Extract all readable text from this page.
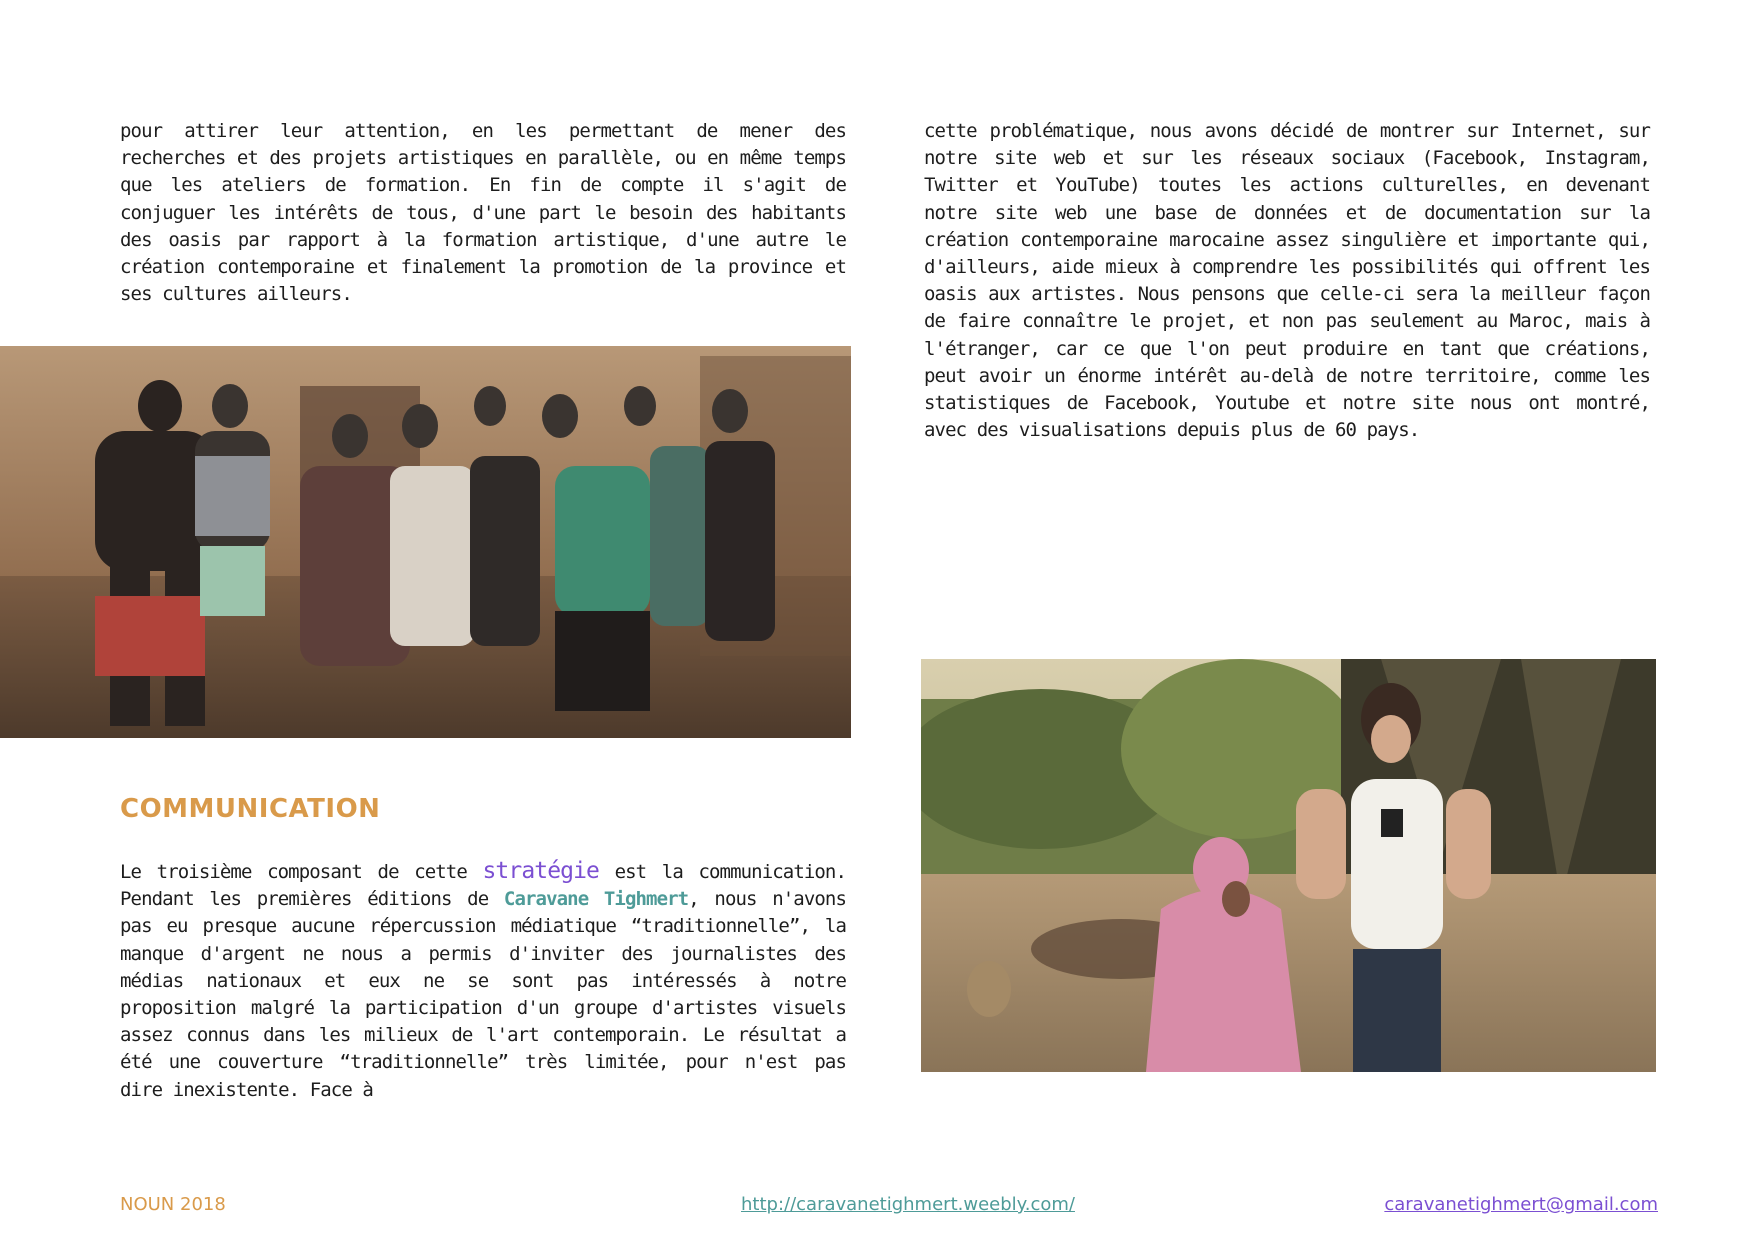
pour attirer leur attention, en les permettant de mener des recherches et des projets artistiques en parallèle, ou en même temps que les ateliers de formation. En fin de compte il s'agit de conjuguer les intérêts de tous, d'une part le besoin des habitants des oasis par rapport à la formation artistique, d'une autre le création contemporaine et finalement la promotion de la province et ses cultures ailleurs.

COMMUNICATION

Le troisième composant de cette stratégie est la communication. Pendant les premières éditions de Caravane Tighmert, nous n'avons pas eu presque aucune répercussion médiatique “traditionnelle”, la manque d'argent ne nous a permis d'inviter des journalistes des médias nationaux et eux ne se sont pas intéressés à notre proposition malgré la participation d'un groupe d'artistes visuels assez connus dans les milieux de l'art contemporain. Le résultat a été une couverture “traditionnelle” très limitée, pour n'est pas dire inexistente. Face à

cette problématique, nous avons décidé de montrer sur Internet, sur notre site web et sur les réseaux sociaux (Facebook, Instagram, Twitter et YouTube) toutes les actions culturelles, en devenant notre site web une base de données et de documentation sur la création contemporaine marocaine assez singulière et importante qui, d'ailleurs, aide mieux à comprendre les possibilités qui offrent les oasis aux artistes. Nous pensons que celle-ci sera la meilleur façon de faire connaître le projet, et non pas seulement au Maroc, mais à l'étranger, car ce que l'on peut produire en tant que créations, peut avoir un énorme intérêt au-delà de notre territoire, comme les statistiques de Facebook, Youtube et notre site nous ont montré, avec des visualisations depuis plus de 60 pays.

NOUN 2018	http://caravanetighmert.weebly.com/	caravanetighmert@gmail.com
